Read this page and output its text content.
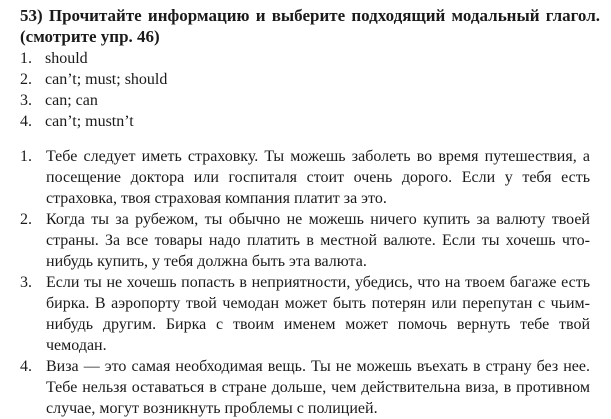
53) Прочитайте информацию и выберите подходящий модальный глагол. (смотрите упр. 46)
1. should
2. can’t; must; should
3. can; can
4. can’t; mustn’t
1. Тебе следует иметь страховку. Ты можешь заболеть во время путешествия, а посещение доктора или госпиталя стоит очень дорого. Если у тебя есть страховка, твоя страховая компания платит за это.
2. Когда ты за рубежом, ты обычно не можешь ничего купить за валюту твоей страны. За все товары надо платить в местной валюте. Если ты хочешь что-нибудь купить, у тебя должна быть эта валюта.
3. Если ты не хочешь попасть в неприятности, убедись, что на твоем багаже есть бирка. В аэропорту твой чемодан может быть потерян или перепутан с чьим-нибудь другим. Бирка с твоим именем может помочь вернуть тебе твой чемодан.
4. Виза — это самая необходимая вещь. Ты не можешь въехать в страну без нее. Тебе нельзя оставаться в стране дольше, чем действительна виза, в противном случае, могут возникнуть проблемы с полицией.
